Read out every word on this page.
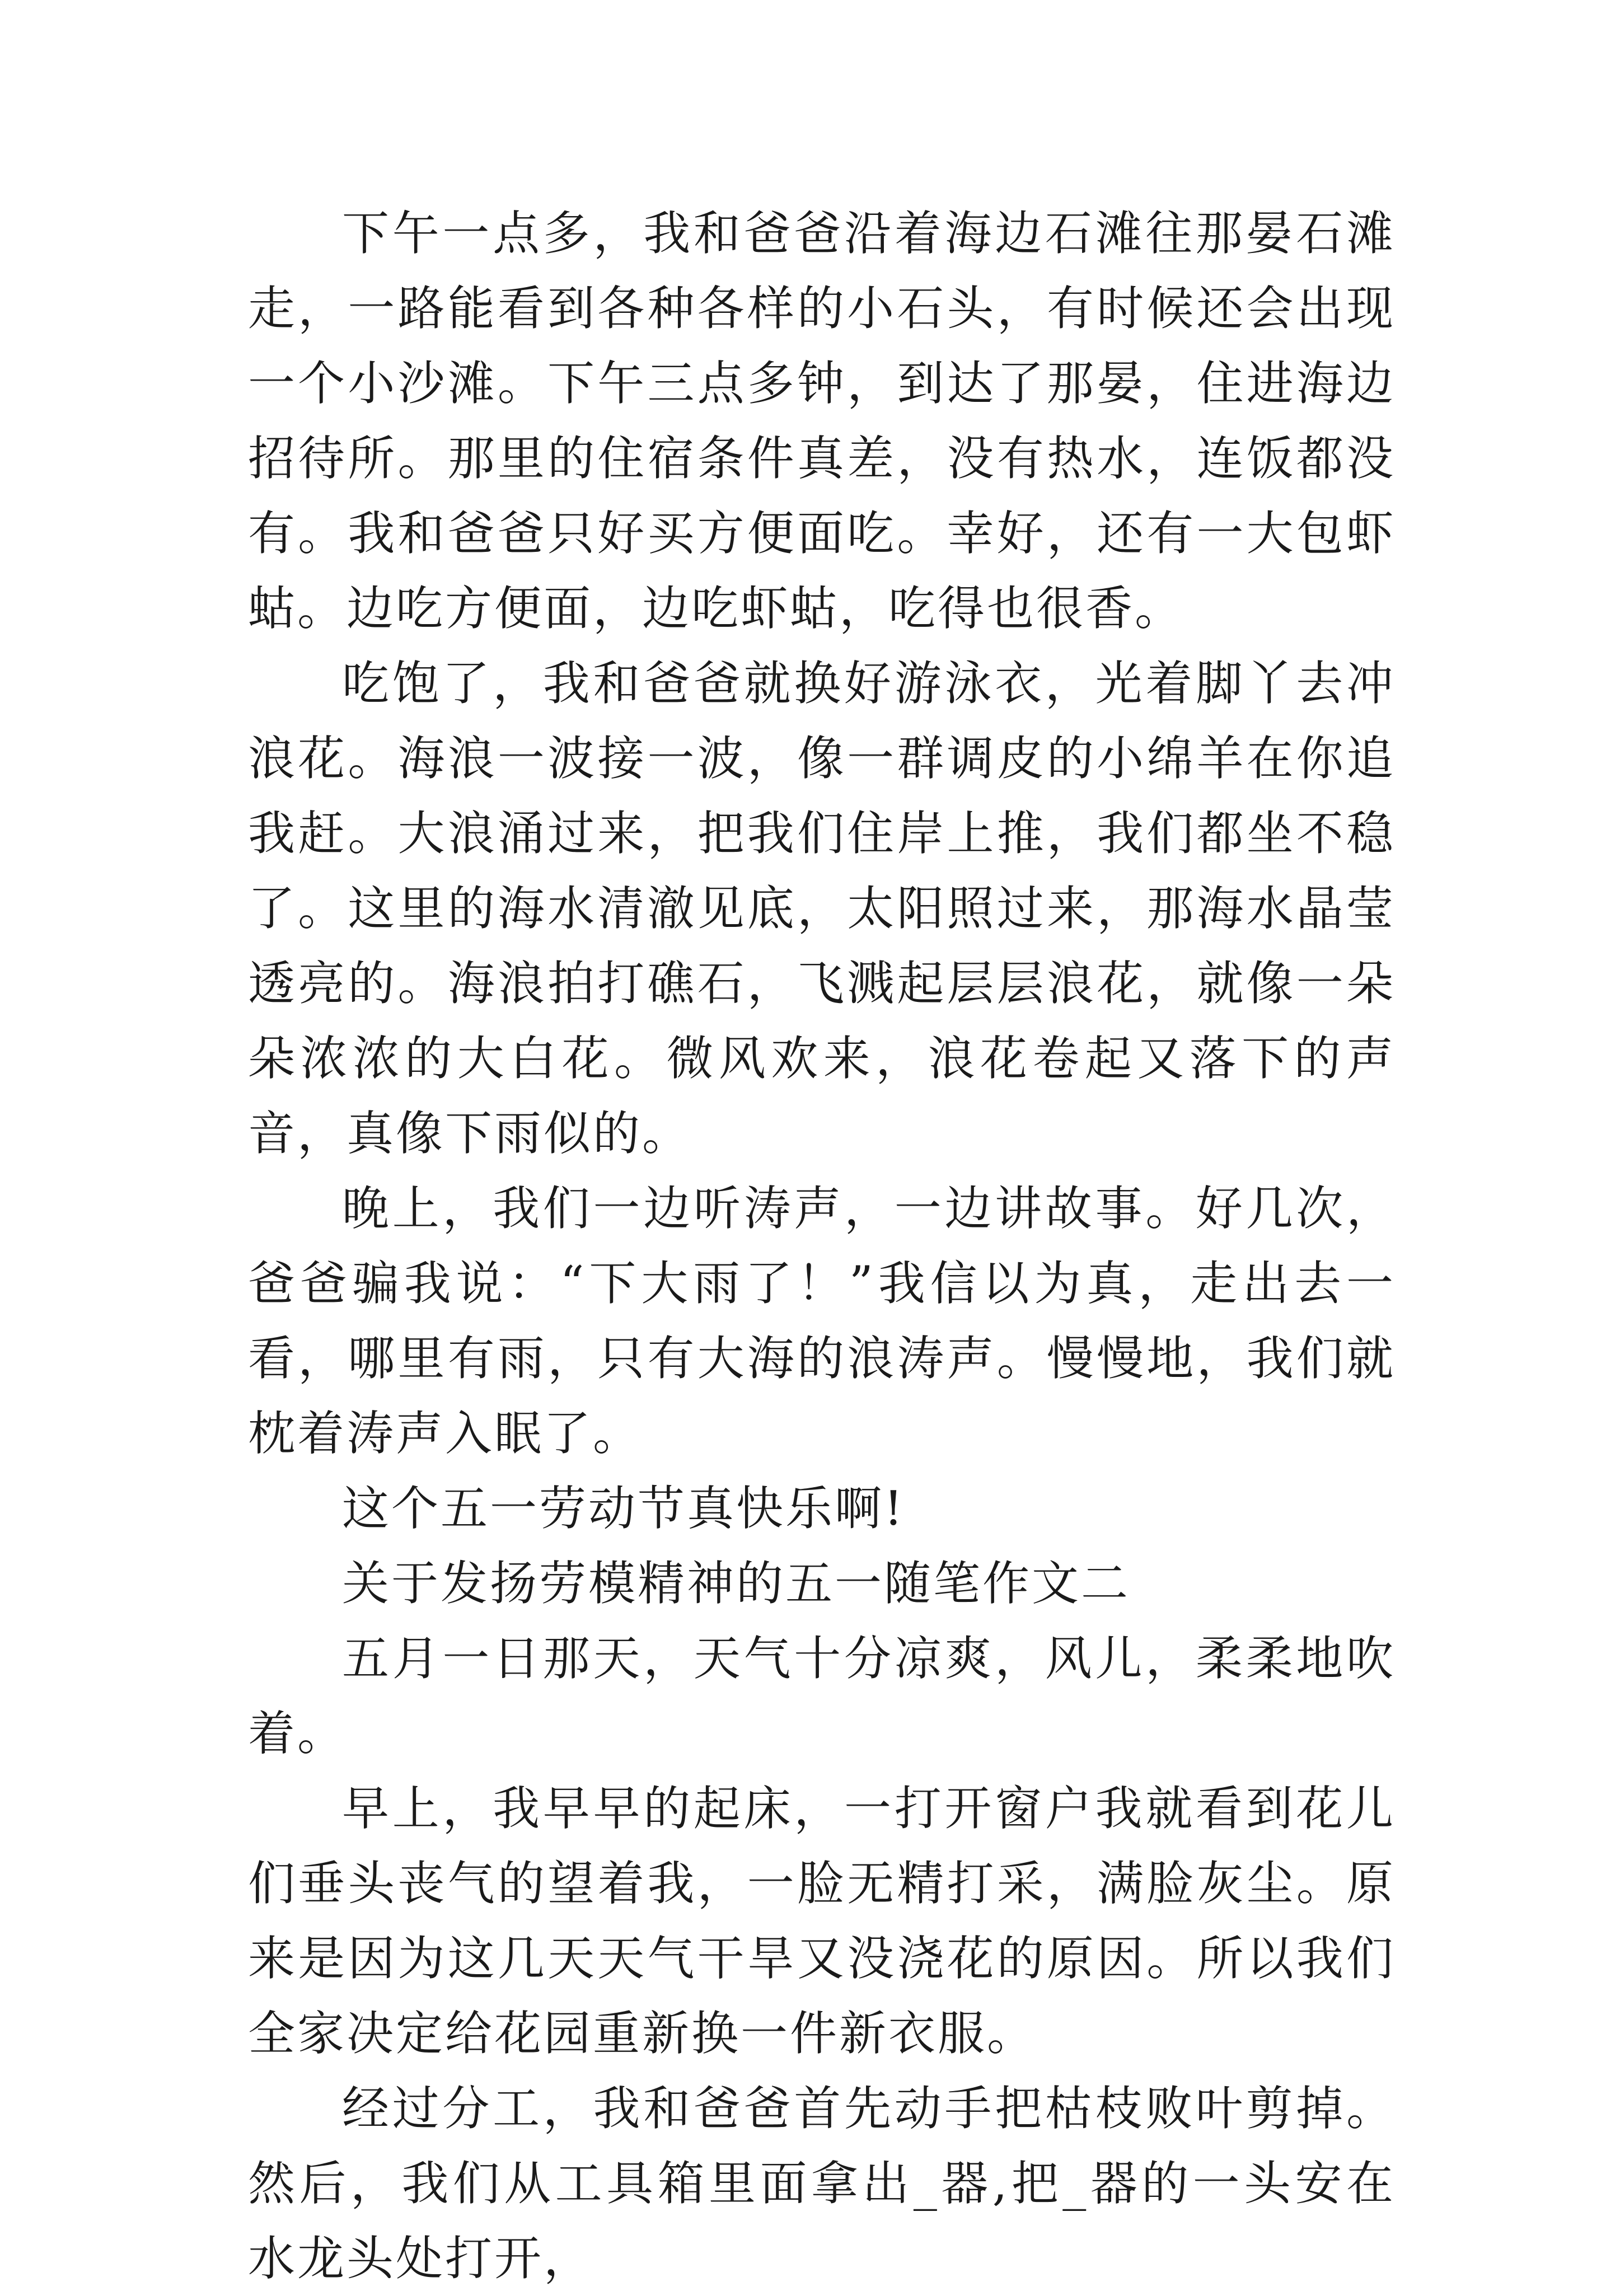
下午一点多，我和爸爸沿着海边石滩往那晏石滩走，一路能看到各种各样的小石头，有时候还会出现一个小沙滩。下午三点多钟，到达了那晏，住进海边招待所。那里的住宿条件真差，没有热水，连饭都没有。我和爸爸只好买方便面吃。幸好，还有一大包虾蛄。边吃方便面，边吃虾蛄，吃得也很香。

吃饱了，我和爸爸就换好游泳衣，光着脚丫去冲浪花。海浪一波接一波，像一群调皮的小绵羊在你追我赶。大浪涌过来，把我们住岸上推，我们都坐不稳了。这里的海水清澈见底，太阳照过来，那海水晶莹透亮的。海浪拍打礁石，飞溅起层层浪花，就像一朵朵浓浓的大白花。微风欢来，浪花卷起又落下的声音，真像下雨似的。

晚上，我们一边听涛声，一边讲故事。好几次，爸爸骗我说：“下大雨了！”我信以为真，走出去一看，哪里有雨，只有大海的浪涛声。慢慢地，我们就枕着涛声入眠了。

这个五一劳动节真快乐啊!

关于发扬劳模精神的五一随笔作文二

五月一日那天，天气十分凉爽，风儿，柔柔地吹着。

早上，我早早的起床，一打开窗户我就看到花儿们垂头丧气的望着我，一脸无精打采，满脸灰尘。原来是因为这几天天气干旱又没浇花的原因。所以我们全家决定给花园重新换一件新衣服。

经过分工，我和爸爸首先动手把枯枝败叶剪掉。然后，我们从工具箱里面拿出_器,把_器的一头安在水龙头处打开，
